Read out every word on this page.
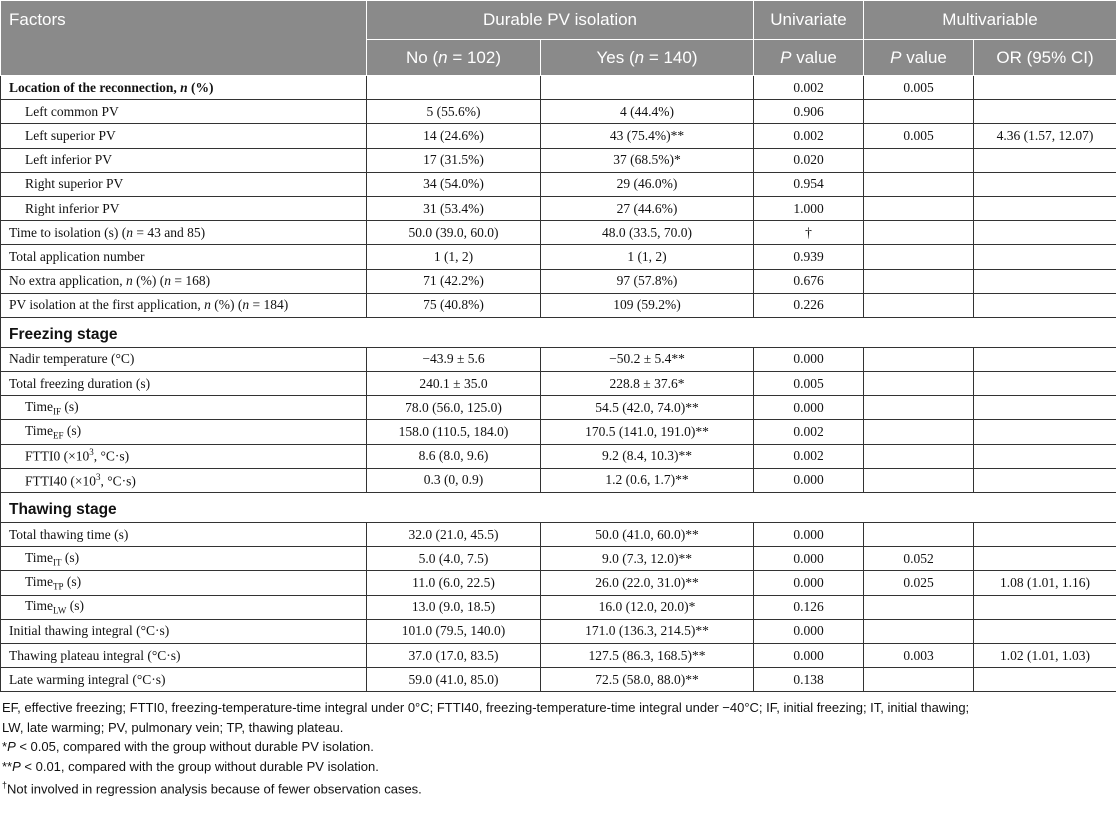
Factors	Durable PV isolation		Univariate	Multivariable	
	No (n = 102)	Yes (n = 140)	P value	P value	OR (95% CI)
Location of the reconnection, n (%)			0.002	0.005	
Left common PV	5 (55.6%)	4 (44.4%)	0.906		
Left superior PV	14 (24.6%)	43 (75.4%)**	0.002	0.005	4.36 (1.57, 12.07)
Left inferior PV	17 (31.5%)	37 (68.5%)*	0.020		
Right superior PV	34 (54.0%)	29 (46.0%)	0.954		
Right inferior PV	31 (53.4%)	27 (44.6%)	1.000		
Time to isolation (s) (n = 43 and 85)	50.0 (39.0, 60.0)	48.0 (33.5, 70.0)	†		
Total application number	1 (1, 2)	1 (1, 2)	0.939		
No extra application, n (%) (n = 168)	71 (42.2%)	97 (57.8%)	0.676		
PV isolation at the first application, n (%) (n = 184)	75 (40.8%)	109 (59.2%)	0.226		
Freezing stage					
Nadir temperature (°C)	−43.9 ± 5.6	−50.2 ± 5.4**	0.000		
Total freezing duration (s)	240.1 ± 35.0	228.8 ± 37.6*	0.005		
Time$_{IF}$ (s)	78.0 (56.0, 125.0)	54.5 (42.0, 74.0)**	0.000		
Time$_{EF}$ (s)	158.0 (110.5, 184.0)	170.5 (141.0, 191.0)**	0.002		
FTTI0 ($\times 10^3$, °C·s)	8.6 (8.0, 9.6)	9.2 (8.4, 10.3)**	0.002		
FTTI40 ($\times 10^3$, °C·s)	0.3 (0, 0.9)	1.2 (0.6, 1.7)**	0.000		
Thawing stage					
Total thawing time (s)	32.0 (21.0, 45.5)	50.0 (41.0, 60.0)**	0.000		
Time$_{IT}$ (s)	5.0 (4.0, 7.5)	9.0 (7.3, 12.0)**	0.000	0.052	
Time$_{TP}$ (s)	11.0 (6.0, 22.5)	26.0 (22.0, 31.0)**	0.000	0.025	1.08 (1.01, 1.16)
Time$_{LW}$ (s)	13.0 (9.0, 18.5)	16.0 (12.0, 20.0)*	0.126		
Initial thawing integral (°C·s)	101.0 (79.5, 140.0)	171.0 (136.3, 214.5)**	0.000		
Thawing plateau integral (°C·s)	37.0 (17.0, 83.5)	127.5 (86.3, 168.5)**	0.000	0.003	1.02 (1.01, 1.03)
Late warming integral (°C·s)	59.0 (41.0, 85.0)	72.5 (58.0, 88.0)**	0.138		
EF, effective freezing; FTTI0, freezing-temperature-time integral under 0°C; FTTI40, freezing-temperature-time integral under −40°C; IF, initial freezing; IT, initial thawing;
LW, late warming; PV, pulmonary vein; TP, thawing plateau.
*P < 0.05, compared with the group without durable PV isolation.
**P < 0.01, compared with the group without durable PV isolation.
†Not involved in regression analysis because of fewer observation cases.
